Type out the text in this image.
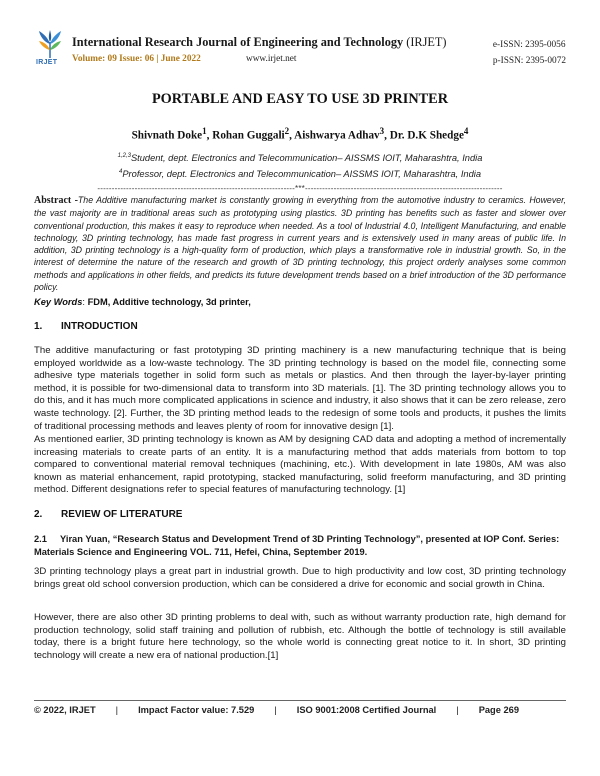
IRJET
International Research Journal of Engineering and Technology (IRJET)
Volume: 09 Issue: 06 | June 2022	www.irjet.net
e-ISSN: 2395-0056
p-ISSN: 2395-0072
PORTABLE AND EASY TO USE 3D PRINTER
Shivnath Doke$^1$, Rohan Guggali$^2$, Aishwarya Adhav$^3$, Dr. D.K Shedge$^4$
$^{1,2,3}$Student, dept. Electronics and Telecommunication– AISSMS IOIT, Maharashtra, India
$^4$Professor, dept. Electronics and Telecommunication– AISSMS IOIT, Maharashtra, India
---------------------------------------------------------------------***---------------------------------------------------------------------
Abstract -The Additive manufacturing market is constantly growing in everything from the automotive industry to ceramics. However, the vast majority are in traditional areas such as prototyping using plastics. 3D printing has benefits such as faster and slower over conventional production, this makes it easy to reproduce when needed. As a tool of Industrial 4.0, Intelligent Manufacturing, and enable technology, 3D printing technology, has made fast progress in current years and is extensively used in many areas of public life. In addition, 3D printing technology is a high-quality form of production, which plays a transformative role in industrial growth. So, in the interest of determine the nature of the research and growth of 3D printing technology, this project orderly analyses some common methods and applications in other fields, and predicts its future development trends based on a brief introduction of the 3D performance policy.
Key Words: FDM, Additive technology, 3d printer,
1. INTRODUCTION
The additive manufacturing or fast prototyping 3D printing machinery is a new manufacturing technique that is being employed worldwide as a low-waste technology. The 3D printing technology is based on the model file, connecting some adhesive type materials together in solid form such as metals or plastics. And then through the layer-by-layer printing method, it is possible for two-dimensional data to transform into 3D materials. [1]. The 3D printing technology allows you to do this, and it has much more complicated applications in science and industry, it also shows that it can be zero release, zero waste technology. [2]. Further, the 3D printing method leads to the redesign of some tools and products, it pushes the limits of traditional processing methods and leaves plenty of room for innovative design [1].
As mentioned earlier, 3D printing technology is known as AM by designing CAD data and adopting a method of incrementally increasing materials to create parts of an entity. It is a manufacturing method that adds materials from bottom to top compared to conventional material removal techniques (machining, etc.). With development in late 1980s, AM was also known as material enhancement, rapid prototyping, stacked manufacturing, solid freeform manufacturing, and 3D printing method. Different designations refer to special features of manufacturing technology. [1]
2. REVIEW OF LITERATURE
2.1 Yiran Yuan, “Research Status and Development Trend of 3D Printing Technology”, presented at IOP Conf. Series: Materials Science and Engineering VOL. 711, Hefei, China, September 2019.
3D printing technology plays a great part in industrial growth. Due to high productivity and low cost, 3D printing technology brings great old school conversion production, which can be considered a drive for economic and social growth in China.
However, there are also other 3D printing problems to deal with, such as without warranty production rate, high demand for production technology, solid staff training and pollution of rubbish, etc. Although the bottle of technology is still available today, there is a bright future here technology, so the whole world is connecting great notice to it. In short, 3D printing technology will create a new era of national production.[1]
© 2022, IRJET | Impact Factor value: 7.529 | ISO 9001:2008 Certified Journal | Page 269
